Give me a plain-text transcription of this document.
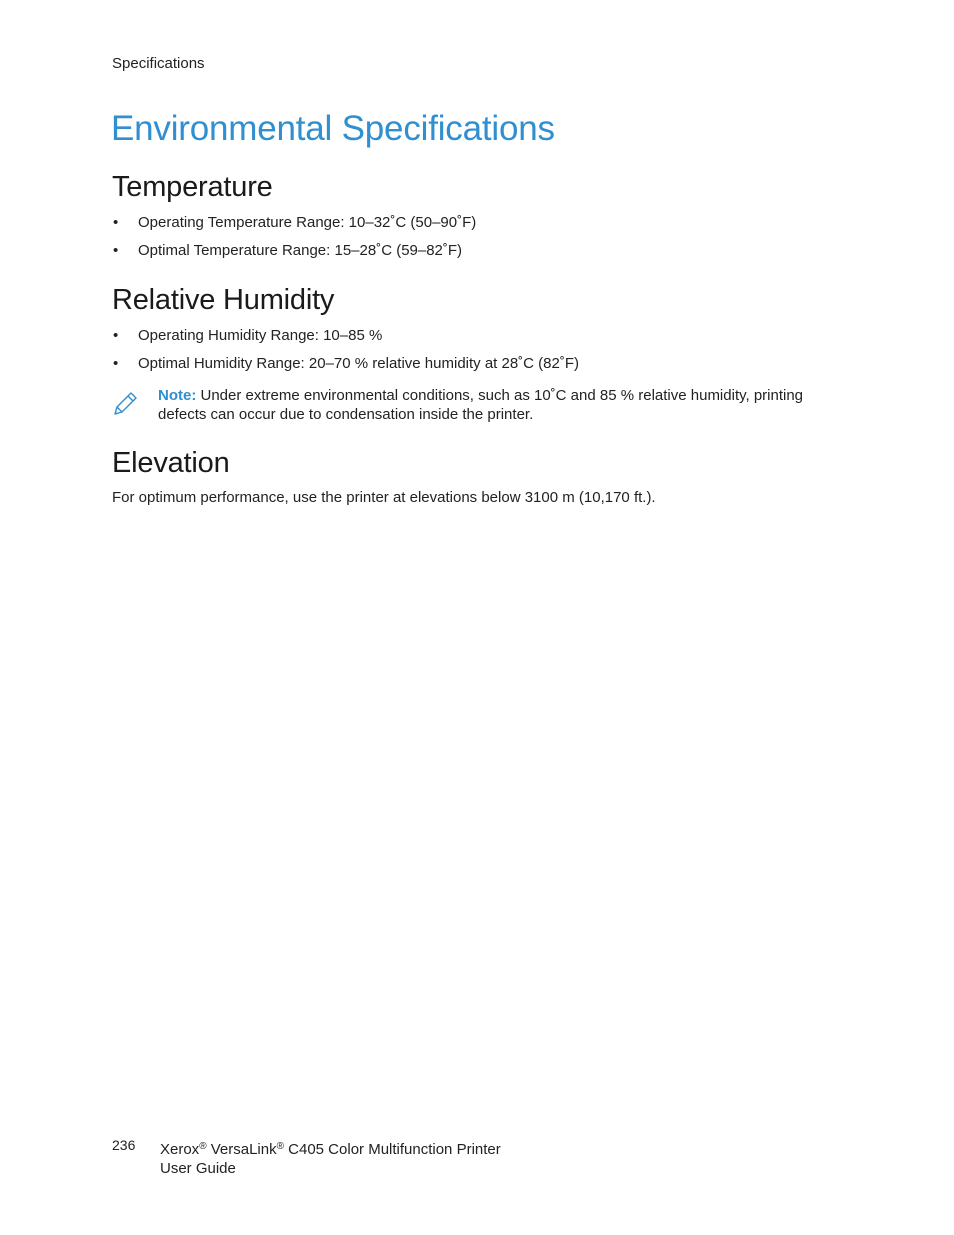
Specifications
Environmental Specifications
Temperature
• Operating Temperature Range: 10–32˚C (50–90˚F)
• Optimal Temperature Range: 15–28˚C (59–82˚F)
Relative Humidity
• Operating Humidity Range: 10–85 %
• Optimal Humidity Range: 20–70 % relative humidity at 28˚C (82˚F)
Note: Under extreme environmental conditions, such as 10˚C and 85 % relative humidity, printing defects can occur due to condensation inside the printer.
Elevation

For optimum performance, use the printer at elevations below 3100 m (10,170 ft.).

236 Xerox® VersaLink® C405 Color Multifunction Printer
User Guide
